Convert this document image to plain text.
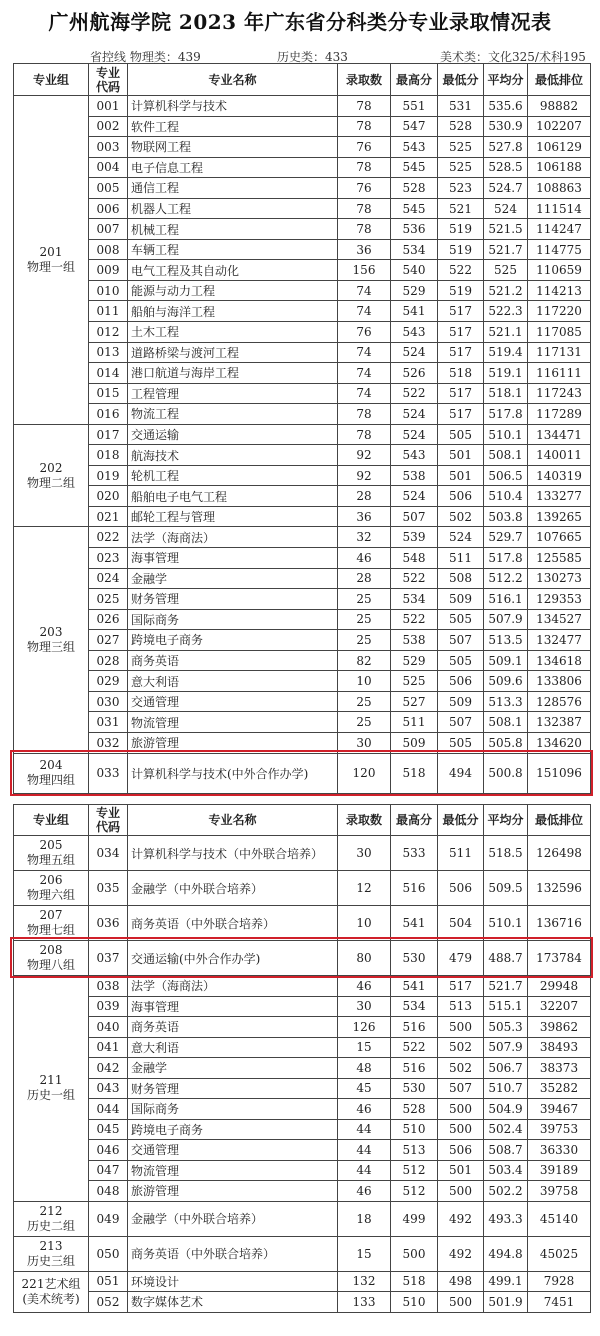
广州航海学院 2023 年广东省分科类分专业录取情况表
省控线 物理类：439	历史类：433	美术类：文化325/术科195
专业组	专业代码	专业名称	录取数	最高分	最低分	平均分	最低排位

201
物理一组	001	计算机科学与技术	78	551	531	535.6	98882
	002	软件工程	78	547	528	530.9	102207
	003	物联网工程	76	543	525	527.8	106129
	004	电子信息工程	78	545	525	528.5	106188
	005	通信工程	76	528	523	524.7	108863
	006	机器人工程	78	545	521	524	111514
	007	机械工程	78	536	519	521.5	114247
	008	车辆工程	36	534	519	521.7	114775
	009	电气工程及其自动化	156	540	522	525	110659
	010	能源与动力工程	74	529	519	521.2	114213
	011	船舶与海洋工程	74	541	517	522.3	117220
	012	土木工程	76	543	517	521.1	117085
	013	道路桥梁与渡河工程	74	524	517	519.4	117131
	014	港口航道与海岸工程	74	526	518	519.1	116111
	015	工程管理	74	522	517	518.1	117243
	016	物流工程	78	524	517	517.8	117289

202
物理二组	017	交通运输	78	524	505	510.1	134471
	018	航海技术	92	543	501	508.1	140011
	019	轮机工程	92	538	501	506.5	140319
	020	船舶电子电气工程	28	524	506	510.4	133277
	021	邮轮工程与管理	36	507	502	503.8	139265

203
物理三组	022	法学（海商法）	32	539	524	529.7	107665
	023	海事管理	46	548	511	517.8	125585
	024	金融学	28	522	508	512.2	130273
	025	财务管理	25	534	509	516.1	129353
	026	国际商务	25	522	505	507.9	134527
	027	跨境电子商务	25	538	507	513.5	132477
	028	商务英语	82	529	505	509.1	134618
	029	意大利语	10	525	506	509.6	133806
	030	交通管理	25	527	509	513.3	128576
	031	物流管理	25	511	507	508.1	132387
	032	旅游管理	30	509	505	505.8	134620

204
物理四组	033	计算机科学与技术(中外合作办学)	120	518	494	500.8	151096
专业组	专业代码	专业名称	录取数	最高分	最低分	平均分	最低排位

205
物理五组	034	计算机科学与技术（中外联合培养）	30	533	511	518.5	126498

206
物理六组	035	金融学（中外联合培养）	12	516	506	509.5	132596

207
物理七组	036	商务英语（中外联合培养）	10	541	504	510.1	136716

208
物理八组	037	交通运输(中外合作办学)	80	530	479	488.7	173784

211
历史一组	038	法学（海商法）	46	541	517	521.7	29948
	039	海事管理	30	534	513	515.1	32207
	040	商务英语	126	516	500	505.3	39862
	041	意大利语	15	522	502	507.9	38493
	042	金融学	48	516	502	506.7	38373
	043	财务管理	45	530	507	510.7	35282
	044	国际商务	46	528	500	504.9	39467
	045	跨境电子商务	44	510	500	502.4	39753
	046	交通管理	44	513	506	508.7	36330
	047	物流管理	44	512	501	503.4	39189
	048	旅游管理	46	512	500	502.2	39758

212
历史二组	049	金融学（中外联合培养）	18	499	492	493.3	45140

213
历史三组	050	商务英语（中外联合培养）	15	500	492	494.8	45025

221艺术组
(美术统考)	051	环境设计	132	518	498	499.1	7928
	052	数字媒体艺术	133	510	500	501.9	7451
